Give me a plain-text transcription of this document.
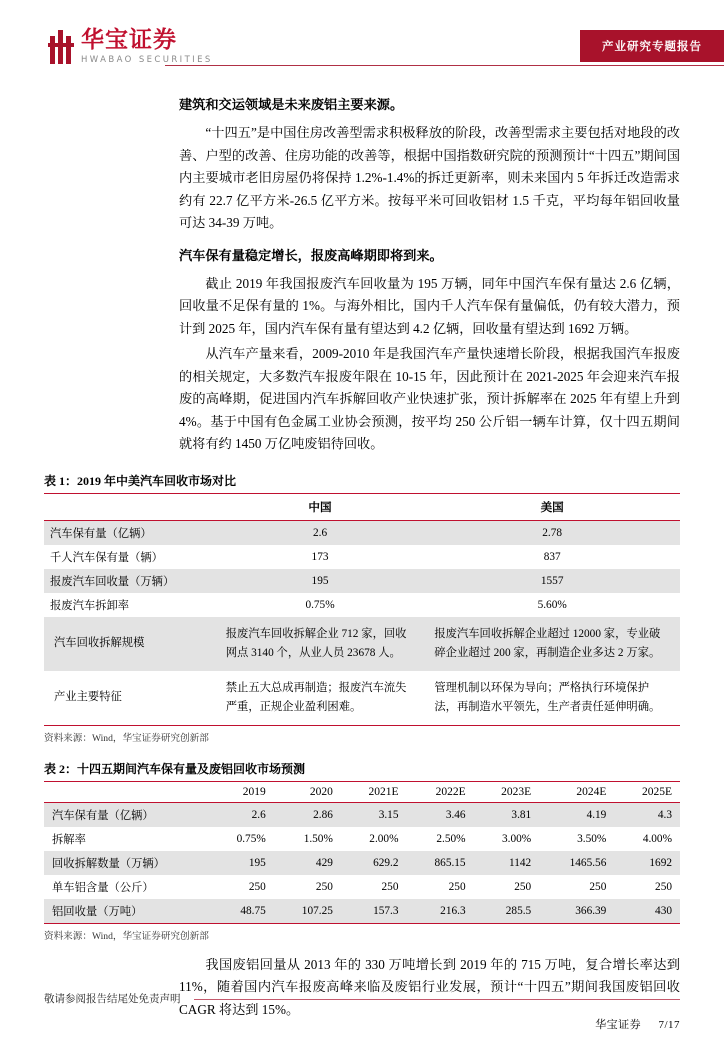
华宝证券
HWABAO SECURITIES
产业研究专题报告
建筑和交运领域是未来废铝主要来源。

“十四五”是中国住房改善型需求积极释放的阶段，改善型需求主要包括对地段的改善、户型的改善、住房功能的改善等，根据中国指数研究院的预测预计“十四五”期间国内主要城市老旧房屋仍将保持 1.2%-1.4%的拆迁更新率，则未来国内 5 年拆迁改造需求约有 22.7 亿平方米-26.5 亿平方米。按每平米可回收铝材 1.5 千克，平均每年铝回收量可达 34-39 万吨。

汽车保有量稳定增长，报废高峰期即将到来。

截止 2019 年我国报废汽车回收量为 195 万辆，同年中国汽车保有量达 2.6 亿辆，回收量不足保有量的 1%。与海外相比，国内千人汽车保有量偏低，仍有较大潜力，预计到 2025 年，国内汽车保有量有望达到 4.2 亿辆，回收量有望达到 1692 万辆。

从汽车产量来看，2009-2010 年是我国汽车产量快速增长阶段，根据我国汽车报废的相关规定，大多数汽车报废年限在 10-15 年，因此预计在 2021-2025 年会迎来汽车报废的高峰期，促进国内汽车拆解回收产业快速扩张，预计拆解率在 2025 年有望上升到 4%。基于中国有色金属工业协会预测，按平均 250 公斤铝一辆车计算，仅十四五期间就将有约 1450 万亿吨废铝待回收。

表 1：2019 年中美汽车回收市场对比
	中国	美国
汽车保有量（亿辆）	2.6	2.78
千人汽车保有量（辆）	173	837
报废汽车回收量（万辆）	195	1557
报废汽车拆卸率	0.75%	5.60%
汽车回收拆解规模	报废汽车回收拆解企业 712 家，回收网点 3140 个，从业人员 23678 人。	报废汽车回收拆解企业超过 12000 家，专业破碎企业超过 200 家，再制造企业多达 2 万家。
产业主要特征	禁止五大总成再制造；报废汽车流失严重，正规企业盈利困难。	管理机制以环保为导向；严格执行环境保护法，再制造水平领先，生产者责任延伸明确。
资料来源：Wind，华宝证券研究创新部
表 2：十四五期间汽车保有量及废铝回收市场预测
	2019	2020	2021E	2022E	2023E	2024E	2025E
汽车保有量（亿辆）	2.6	2.86	3.15	3.46	3.81	4.19	4.3
拆解率	0.75%	1.50%	2.00%	2.50%	3.00%	3.50%	4.00%
回收拆解数量（万辆）	195	429	629.2	865.15	1142	1465.56	1692
单车铝含量（公斤）	250	250	250	250	250	250	250
铝回收量（万吨）	48.75	107.25	157.3	216.3	285.5	366.39	430
资料来源：Wind，华宝证券研究创新部

我国废铝回量从 2013 年的 330 万吨增长到 2019 年的 715 万吨，复合增长率达到11%，随着国内汽车报废高峰来临及废铝行业发展，预计“十四五”期间我国废铝回收 CAGR 将达到 15%。

敬请参阅报告结尾处免责声明
华宝证券 7/17
